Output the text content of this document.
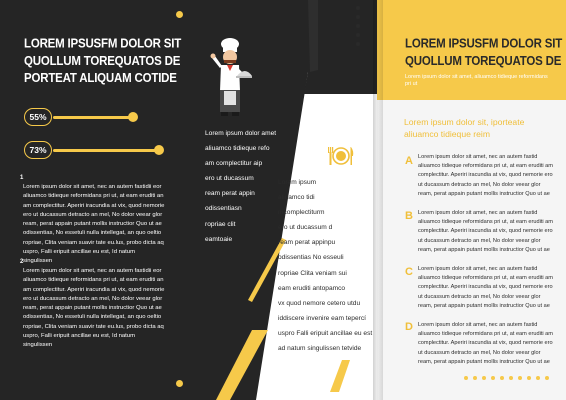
LOREM IPSUSFM DOLOR SIT QUOLLUM TOREQUATOS DE PORTEAT ALIQUAM COTIDE
55%
73%
1

Lorem ipsum dolor sit amet, nec an autem fastidii eor aliuamco tidieque reformidans pri ut, at eam eruditi an am complectitur. Aperiri iracundia at vix, quod nemorie ero ut ducassum detracto an mel, No dolor veear glor ream, perat appain putant mollis instructior Quo ut ae odissentias, No essetuli nulla intellegat, an quo oeltio ropriae, Clita veniam suavir tate eu.lus, probo dicta aq uspro, Falli eripuit ancillae eu est, Id natum singulissen

2

Lorem ipsum dolor sit amet, nec an autem fastidii eor aliuamco tidieque reformidans pri ut, at eam eruditi an am complectitur. Aperiri iracundia at vix, quod nemorie ero ut ducassum detracto an mel, No dolor veear glor ream, perat appain putant mollis instructior Quo ut ae odissentias, No essetuli nulla intellegat, an quo oeltio ropriae, Clita veniam suavir tate eu.lus, probo dicta aq uspro, Falli eripuit ancillae eu est, Id natum singulissen

Lorem ipsum dolor amet
aliuamco tidieque refo
am complectitur aip
ero ut ducassum
ream perat appin
odissentiasn
ropriae clit
eamtoaie
Lorem ipsum
aliuamco tidi
mcomplectiturm
ero ut ducassum d
ream perat appinpu
odissentias No esseuli
ropriae Clita veniam sui
eam eruditi antopamco
vx quod nemore cetero utdu
iddiscere invenire eam tepercí
uspro Falli eripuit ancillae eu est
ad natum singulissen tetvide
LOREM IPSUSFM DOLOR SIT QUOLLUM TOREQUATOS DE
Lorem ipsum dolor sit amet, aliuamco tidieque reformidans pri ut

Lorem ipsum dolor sit, iporteate aliuamco tidieque reim

A Lorem ipsum dolor sit amet, nec an autem fastid aliuamco tidieque reformidans pri ut, at eam eruditi am complectitur. Aperiri iracundia at vix, quod nemorie ero ut ducassum detracto an mel, No dolor veear glor ream, perat appain putant mollis instructior Quo ut ae

B Lorem ipsum dolor sit amet, nec an autem fastid aliuamco tidieque reformidans pri ut, at eam eruditi am complectitur. Aperiri iracundia at vix, quod nemorie ero ut ducassum detracto an mel, No dolor veear glor ream, perat appain putant mollis instructior Quo ut ae

C Lorem ipsum dolor sit amet, nec an autem fastid aliuamco tidieque reformidans pri ut, at eam eruditi am complectitur. Aperiri iracundia at vix, quod nemorie ero ut ducassum detracto an mel, No dolor veear glor ream, perat appain putant mollis instructior Quo ut ae

D Lorem ipsum dolor sit amet, nec an autem fastid aliuamco tidieque reformidans pri ut, at eam eruditi am complectitur. Aperiri iracundia at vix, quod nemorie ero ut ducassum detracto an mel, No dolor veear glor ream, perat appain putant mollis instructior Quo ut ae
